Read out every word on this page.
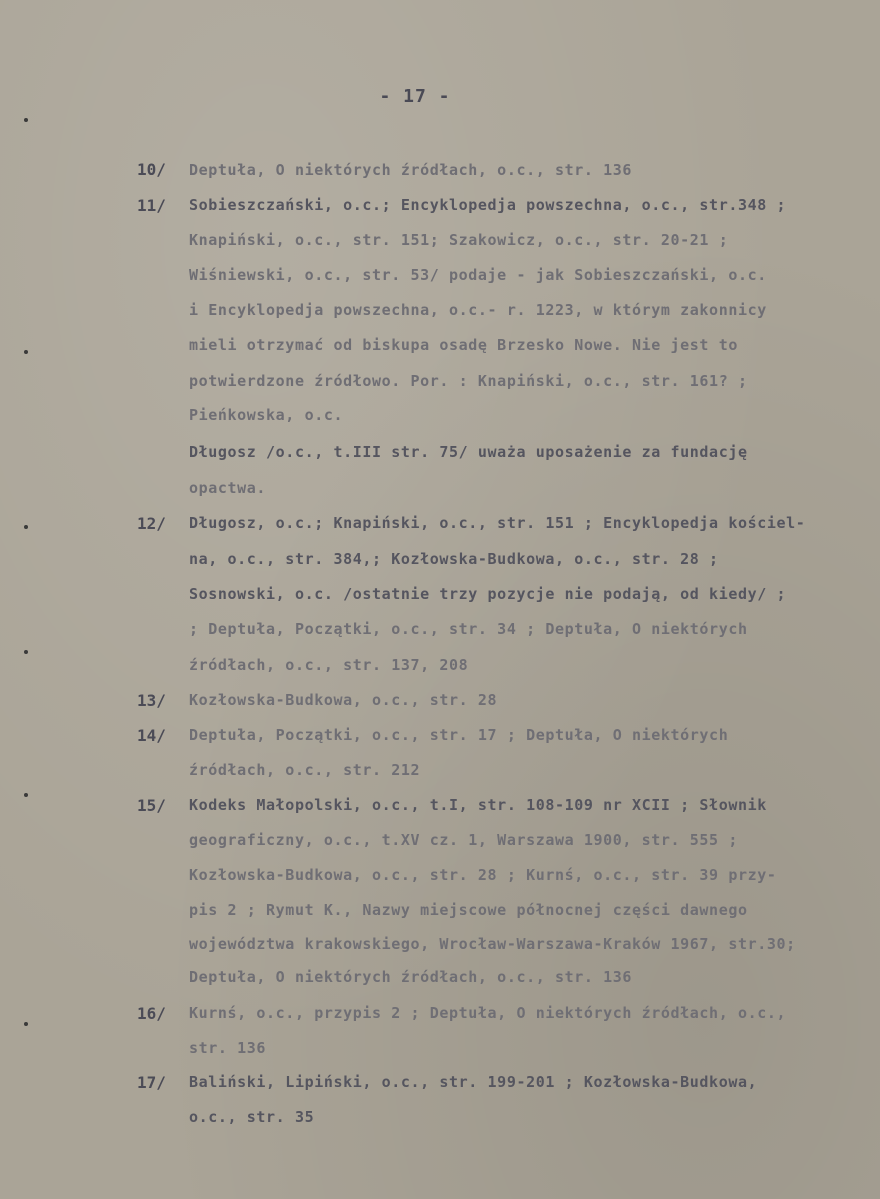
- 17 -
10/ Deptuła, O niektórych źródłach, o.c., str. 136
11/ Sobieszczański, o.c.; Encyklopedja powszechna, o.c., str.348 ;
Knapiński, o.c., str. 151; Szakowicz, o.c., str. 20-21 ;
Wiśniewski, o.c., str. 53/ podaje - jak Sobieszczański, o.c.
i Encyklopedja powszechna, o.c.- r. 1223, w którym zakonnicy
mieli otrzymać od biskupa osadę Brzesko Nowe. Nie jest to
potwierdzone źródłowo. Por. : Knapiński, o.c., str. 161? ;
Pieńkowska, o.c.
Długosz /o.c., t.III str. 75/ uważa uposażenie za fundację
opactwa.
12/ Długosz, o.c.; Knapiński, o.c., str. 151 ; Encyklopedja kościel-
na, o.c., str. 384,; Kozłowska-Budkowa, o.c., str. 28 ;
Sosnowski, o.c. /ostatnie trzy pozycje nie podają, od kiedy/ ;
; Deptuła, Początki, o.c., str. 34 ; Deptuła, O niektórych
źródłach, o.c., str. 137, 208
13/ Kozłowska-Budkowa, o.c., str. 28
14/ Deptuła, Początki, o.c., str. 17 ; Deptuła, O niektórych
źródłach, o.c., str. 212
15/ Kodeks Małopolski, o.c., t.I, str. 108-109 nr XCII ; Słownik
geograficzny, o.c., t.XV cz. 1, Warszawa 1900, str. 555 ;
Kozłowska-Budkowa, o.c., str. 28 ; Kurnś, o.c., str. 39 przy-
pis 2 ; Rymut K., Nazwy miejscowe północnej części dawnego
województwa krakowskiego, Wrocław-Warszawa-Kraków 1967, str.30;
Deptuła, O niektórych źródłach, o.c., str. 136
16/ Kurnś, o.c., przypis 2 ; Deptuła, O niektórych źródłach, o.c.,
str. 136
17/ Baliński, Lipiński, o.c., str. 199-201 ; Kozłowska-Budkowa,
o.c., str. 35
